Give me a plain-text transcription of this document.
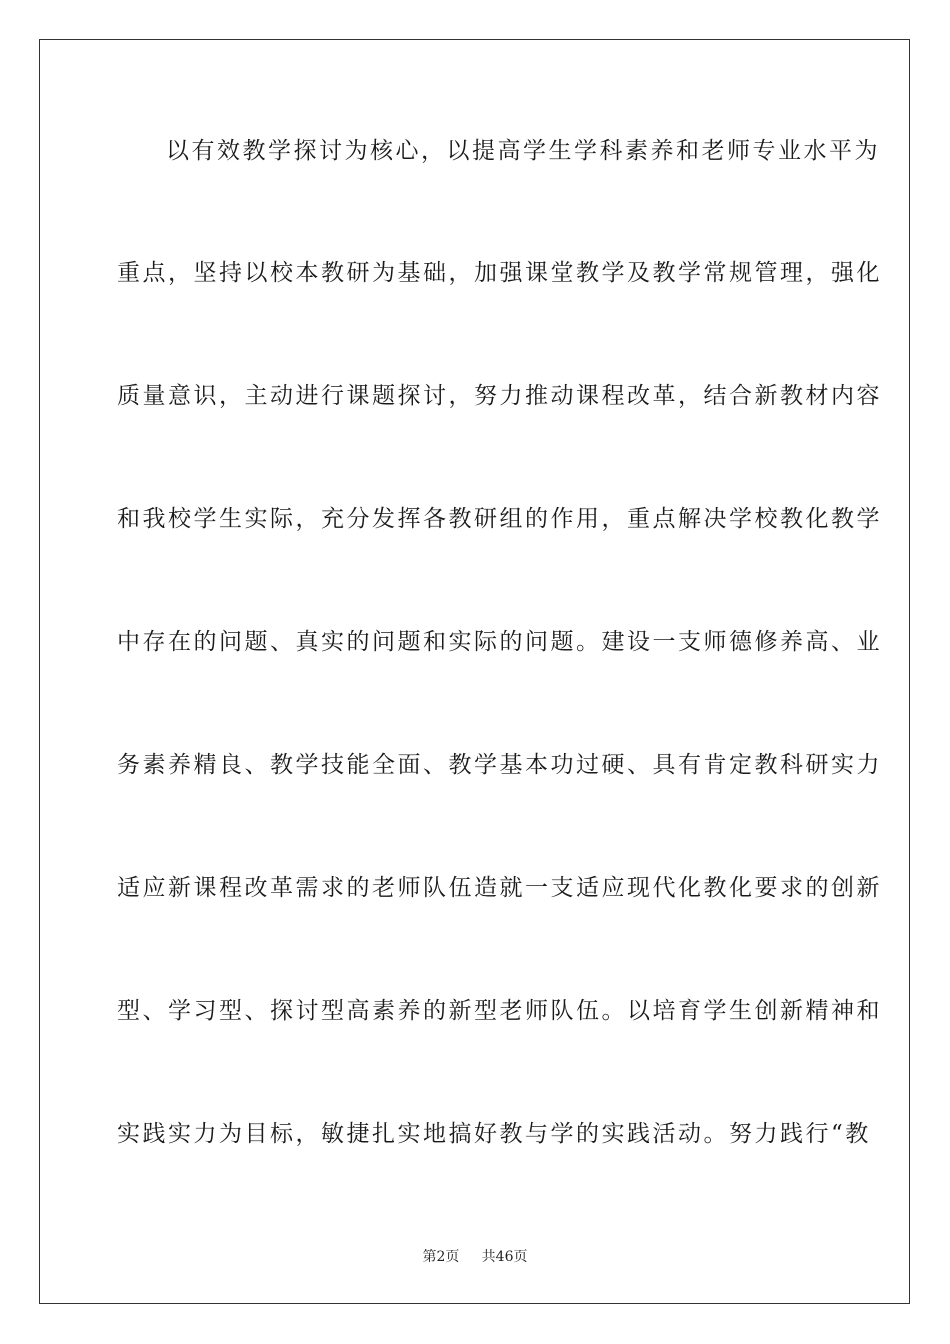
以有效教学探讨为核心，以提高学生学科素养和老师专业水平为
重点，坚持以校本教研为基础，加强课堂教学及教学常规管理，强化
质量意识，主动进行课题探讨，努力推动课程改革，结合新教材内容
和我校学生实际，充分发挥各教研组的作用，重点解决学校教化教学
中存在的问题、真实的问题和实际的问题。建设一支师德修养高、业
务素养精良、教学技能全面、教学基本功过硬、具有肯定教科研实力
适应新课程改革需求的老师队伍造就一支适应现代化教化要求的创新
型、学习型、探讨型高素养的新型老师队伍。以培育学生创新精神和
实践实力为目标，敏捷扎实地搞好教与学的实践活动。努力践行“教
第2页 共46页
